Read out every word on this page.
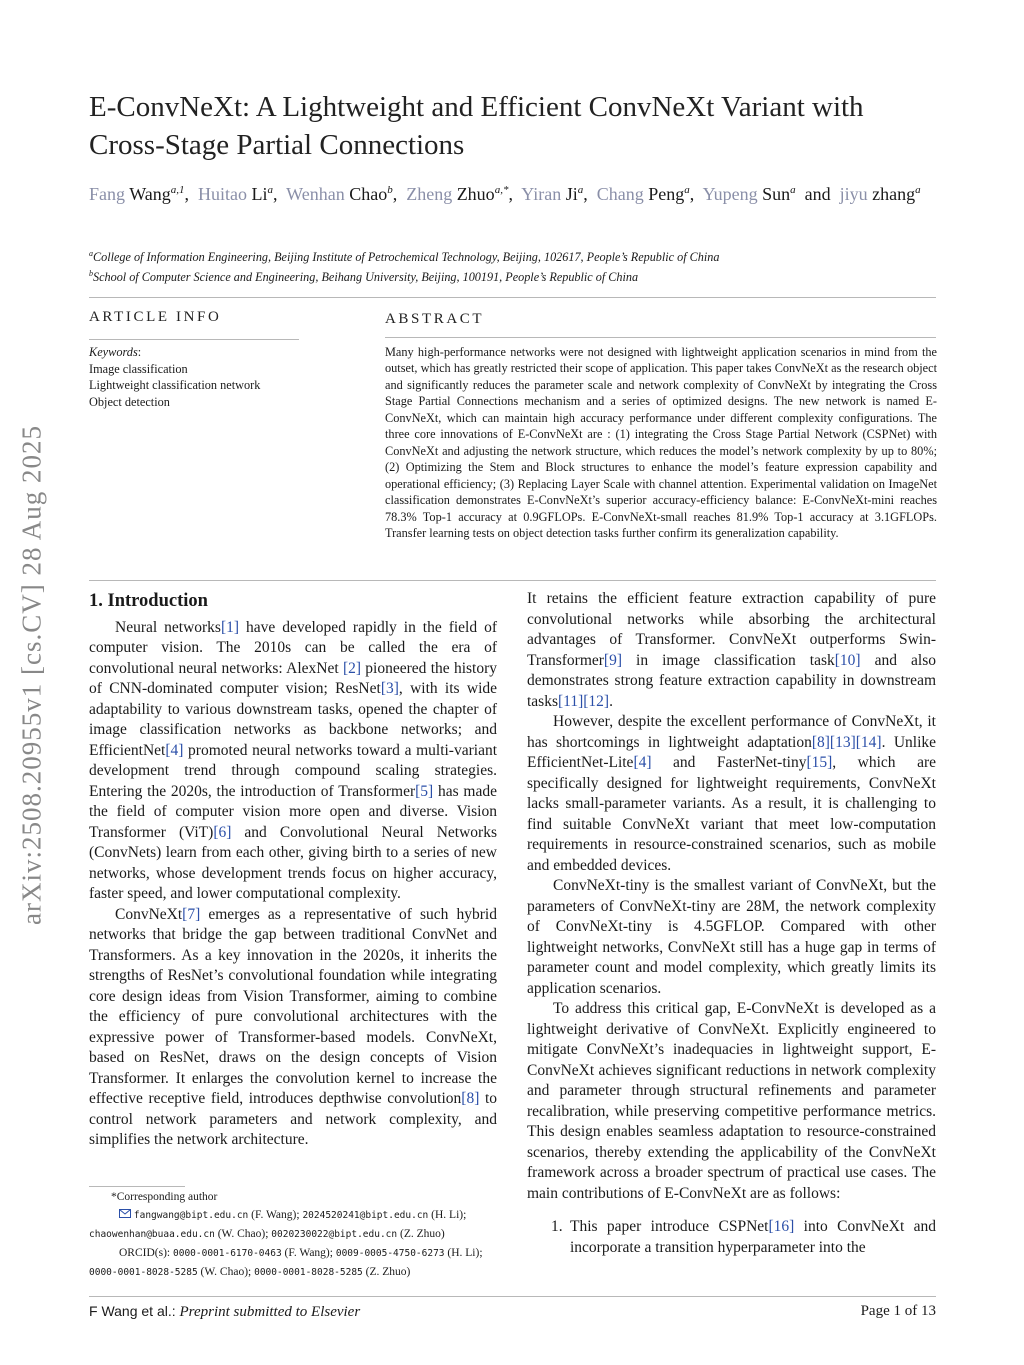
arXiv:2508.20955v1 [cs.CV] 28 Aug 2025
E-ConvNeXt: A Lightweight and Efficient ConvNeXt Variant with
Cross-Stage Partial Connections
Fang Wang$^{a,1}$, Huitao Li$^a$, Wenhan Chao$^b$, Zheng Zhuo$^{a,*}$, Yiran Ji$^a$, Chang Peng$^a$, Yupeng Sun$^a$ and jiyu zhang$^a$
$^a$College of Information Engineering, Beijing Institute of Petrochemical Technology, Beijing, 102617, People’s Republic of China
$^b$School of Computer Science and Engineering, Beihang University, Beijing, 100191, People’s Republic of China
ARTICLE INFO
Keywords:
Image classification
Lightweight classification network
Object detection
ABSTRACT
Many high-performance networks were not designed with lightweight application scenarios in mind from the outset, which has greatly restricted their scope of application. This paper takes ConvNeXt as the research object and significantly reduces the parameter scale and network complexity of ConvNeXt by integrating the Cross Stage Partial Connections mechanism and a series of optimized designs. The new network is named E-ConvNeXt, which can maintain high accuracy performance under different complexity configurations. The three core innovations of E-ConvNeXt are : (1) integrating the Cross Stage Partial Network (CSPNet) with ConvNeXt and adjusting the network structure, which reduces the model’s network complexity by up to 80%; (2) Optimizing the Stem and Block structures to enhance the model’s feature expression capability and operational efficiency; (3) Replacing Layer Scale with channel attention. Experimental validation on ImageNet classification demonstrates E-ConvNeXt’s superior accuracy-efficiency balance: E-ConvNeXt-mini reaches 78.3% Top-1 accuracy at 0.9GFLOPs. E-ConvNeXt-small reaches 81.9% Top-1 accuracy at 3.1GFLOPs. Transfer learning tests on object detection tasks further confirm its generalization capability.
1. Introduction

Neural networks[1] have developed rapidly in the field of computer vision. The 2010s can be called the era of convolutional neural networks: AlexNet [2] pioneered the history of CNN-dominated computer vision; ResNet[3], with its wide adaptability to various downstream tasks, opened the chapter of image classification networks as backbone networks; and EfficientNet[4] promoted neural networks toward a multi-variant development trend through compound scaling strategies. Entering the 2020s, the introduction of Transformer[5] has made the field of computer vision more open and diverse. Vision Transformer (ViT)[6] and Convolutional Neural Networks (ConvNets) learn from each other, giving birth to a series of new networks, whose development trends focus on higher accuracy, faster speed, and lower computational complexity.

ConvNeXt[7] emerges as a representative of such hybrid networks that bridge the gap between traditional ConvNet and Transformers. As a key innovation in the 2020s, it inherits the strengths of ResNet’s convolutional foundation while integrating core design ideas from Vision Transformer, aiming to combine the efficiency of pure convolutional architectures with the expressive power of Transformer-based models. ConvNeXt, based on ResNet, draws on the design concepts of Vision Transformer. It enlarges the convolution kernel to increase the effective receptive field, introduces depthwise convolution[8] to control network parameters and network complexity, and simplifies the network architecture.

*Corresponding author
fangwang@bipt.edu.cn (F. Wang); 2024520241@bipt.edu.cn (H. Li); chaowenhan@buaa.edu.cn (W. Chao); 0020230022@bipt.edu.cn (Z. Zhuo)
ORCID(s): 0000-0001-6170-0463 (F. Wang); 0009-0005-4750-6273 (H. Li); 0000-0001-8028-5285 (W. Chao); 0000-0001-8028-5285 (Z. Zhuo)

It retains the efficient feature extraction capability of pure convolutional networks while absorbing the architectural advantages of Transformer. ConvNeXt outperforms Swin-Transformer[9] in image classification task[10] and also demonstrates strong feature extraction capability in downstream tasks[11][12].

However, despite the excellent performance of ConvNeXt, it has shortcomings in lightweight adaptation[8][13][14]. Unlike EfficientNet-Lite[4] and FasterNet-tiny[15], which are specifically designed for lightweight requirements, ConvNeXt lacks small-parameter variants. As a result, it is challenging to find suitable ConvNeXt variant that meet low-computation requirements in resource-constrained scenarios, such as mobile and embedded devices.

ConvNeXt-tiny is the smallest variant of ConvNeXt, but the parameters of ConvNeXt-tiny are 28M, the network complexity of ConvNeXt-tiny is 4.5GFLOP. Compared with other lightweight networks, ConvNeXt still has a huge gap in terms of parameter count and model complexity, which greatly limits its application scenarios.

To address this critical gap, E-ConvNeXt is developed as a lightweight derivative of ConvNeXt. Explicitly engineered to mitigate ConvNeXt’s inadequacies in lightweight support, E-ConvNeXt achieves significant reductions in network complexity and parameter through structural refinements and parameter recalibration, while preserving competitive performance metrics. This design enables seamless adaptation to resource-constrained scenarios, thereby extending the applicability of the ConvNeXt framework across a broader spectrum of practical use cases. The main contributions of E-ConvNeXt are as follows:

1. This paper introduce CSPNet[16] into ConvNeXt and incorporate a transition hyperparameter into the
F Wang et al.: Preprint submitted to Elsevier	Page 1 of 13
